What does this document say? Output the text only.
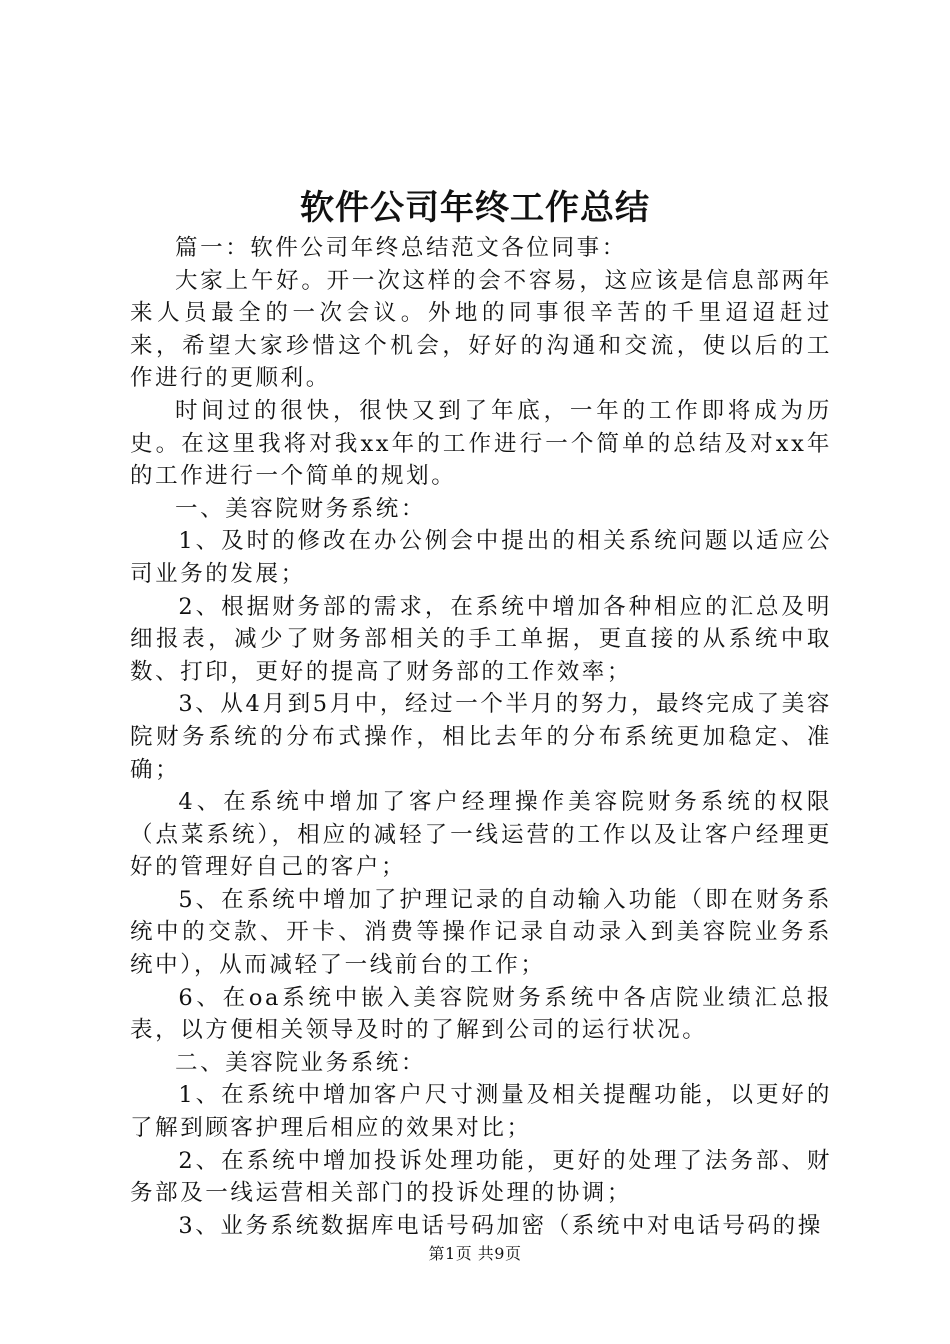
软件公司年终工作总结

篇一：软件公司年终总结范文各位同事：

大家上午好。开一次这样的会不容易，这应该是信息部两年来人员最全的一次会议。外地的同事很辛苦的千里迢迢赶过来，希望大家珍惜这个机会，好好的沟通和交流，使以后的工作进行的更顺利。

时间过的很快，很快又到了年底，一年的工作即将成为历史。在这里我将对我xx年的工作进行一个简单的总结及对xx年的工作进行一个简单的规划。

一、美容院财务系统：

1、及时的修改在办公例会中提出的相关系统问题以适应公司业务的发展；

2、根据财务部的需求，在系统中增加各种相应的汇总及明细报表，减少了财务部相关的手工单据，更直接的从系统中取数、打印，更好的提高了财务部的工作效率；

3、从4月到5月中，经过一个半月的努力，最终完成了美容院财务系统的分布式操作，相比去年的分布系统更加稳定、准确；

4、在系统中增加了客户经理操作美容院财务系统的权限（点菜系统），相应的减轻了一线运营的工作以及让客户经理更好的管理好自己的客户；

5、在系统中增加了护理记录的自动输入功能（即在财务系统中的交款、开卡、消费等操作记录自动录入到美容院业务系统中），从而减轻了一线前台的工作；

6、在oa系统中嵌入美容院财务系统中各店院业绩汇总报表，以方便相关领导及时的了解到公司的运行状况。

二、美容院业务系统：

1、在系统中增加客户尺寸测量及相关提醒功能，以更好的了解到顾客护理后相应的效果对比；

2、在系统中增加投诉处理功能，更好的处理了法务部、财务部及一线运营相关部门的投诉处理的协调；

3、业务系统数据库电话号码加密（系统中对电话号码的操

第1页 共9页
